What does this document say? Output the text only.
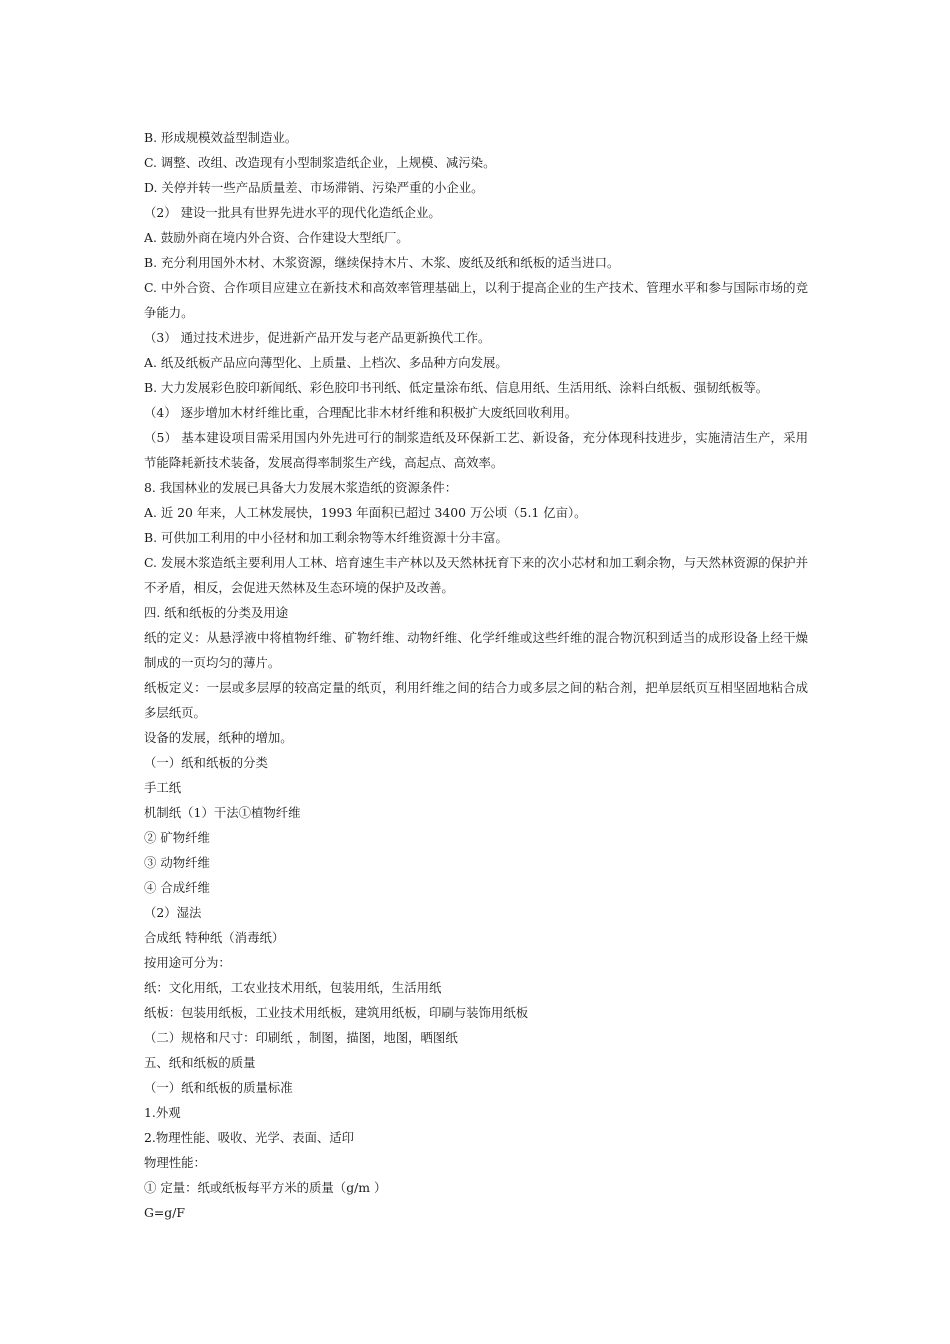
B. 形成规模效益型制造业。

C. 调整、改组、改造现有小型制浆造纸企业，上规模、减污染。

D. 关停并转一些产品质量差、市场滞销、污染严重的小企业。

（2） 建设一批具有世界先进水平的现代化造纸企业。

A. 鼓励外商在境内外合资、合作建设大型纸厂。

B. 充分利用国外木材、木浆资源，继续保持木片、木浆、废纸及纸和纸板的适当进口。

C. 中外合资、合作项目应建立在新技术和高效率管理基础上，以利于提高企业的生产技术、管理水平和参与国际市场的竞争能力。

（3） 通过技术进步，促进新产品开发与老产品更新换代工作。

A. 纸及纸板产品应向薄型化、上质量、上档次、多品种方向发展。

B. 大力发展彩色胶印新闻纸、彩色胶印书刊纸、低定量涂布纸、信息用纸、生活用纸、涂料白纸板、强韧纸板等。

（4） 逐步增加木材纤维比重，合理配比非木材纤维和积极扩大废纸回收利用。

（5） 基本建设项目需采用国内外先进可行的制浆造纸及环保新工艺、新设备，充分体现科技进步，实施清洁生产，采用节能降耗新技术装备，发展高得率制浆生产线，高起点、高效率。

8. 我国林业的发展已具备大力发展木浆造纸的资源条件：

A. 近 20 年来，人工林发展快，1993 年面积已超过 3400 万公顷（5.1 亿亩）。

B. 可供加工利用的中小径材和加工剩余物等木纤维资源十分丰富。

C. 发展木浆造纸主要利用人工林、培育速生丰产林以及天然林抚育下来的次小芯材和加工剩余物，与天然林资源的保护并不矛盾，相反，会促进天然林及生态环境的保护及改善。

四. 纸和纸板的分类及用途

纸的定义：从悬浮液中将植物纤维、矿物纤维、动物纤维、化学纤维或这些纤维的混合物沉积到适当的成形设备上经干燥制成的一页均匀的薄片。

纸板定义：一层或多层厚的较高定量的纸页，利用纤维之间的结合力或多层之间的粘合剂，把单层纸页互相坚固地粘合成多层纸页。

设备的发展，纸种的增加。

（一）纸和纸板的分类

手工纸

机制纸（1）干法①植物纤维

② 矿物纤维

③ 动物纤维

④ 合成纤维

（2）湿法

合成纸 特种纸（消毒纸）

按用途可分为：

纸：文化用纸，工农业技术用纸，包装用纸，生活用纸

纸板：包装用纸板，工业技术用纸板，建筑用纸板，印刷与装饰用纸板

（二）规格和尺寸：印刷纸 ，制图，描图，地图，晒图纸

五、纸和纸板的质量

（一）纸和纸板的质量标准

1.外观

2.物理性能、吸收、光学、表面、适印

物理性能：

① 定量：纸或纸板每平方米的质量（g/m ）

G=g/F
